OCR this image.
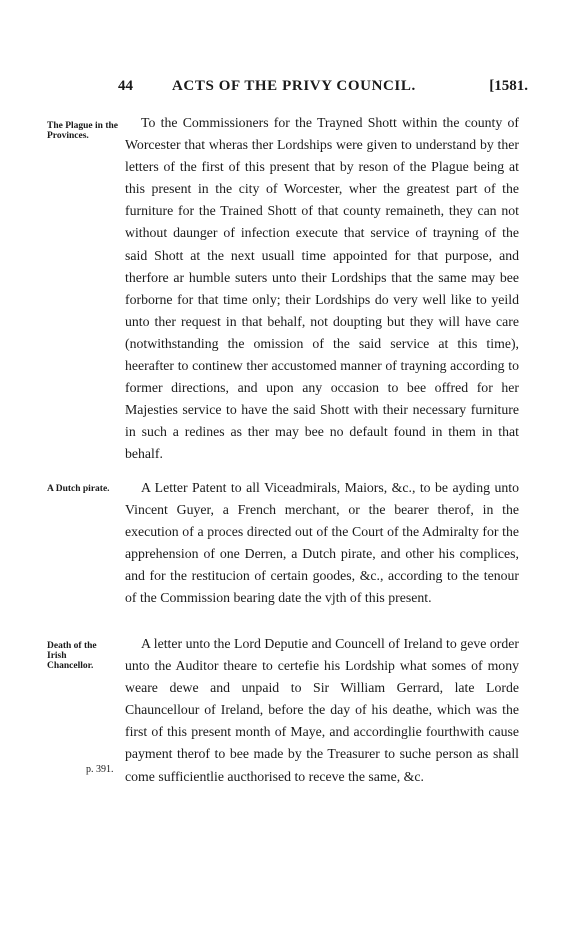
44	ACTS OF THE PRIVY COUNCIL.	[1581.
The Plague in the Provinces.

To the Commissioners for the Trayned Shott within the county of Worcester that wheras ther Lordships were given to understand by ther letters of the first of this present that by reson of the Plague being at this present in the city of Worcester, wher the greatest part of the furniture for the Trained Shott of that county remaineth, they can not without daunger of infection execute that service of trayning of the said Shott at the next usuall time appointed for that purpose, and therfore ar humble suters unto their Lordships that the same may bee forborne for that time only; their Lordships do very well like to yeild unto ther request in that behalf, not doupting but they will have care (notwithstanding the omission of the said service at this time), heerafter to continew ther accustomed manner of trayning according to former directions, and upon any occasion to bee offred for her Majesties service to have the said Shott with their necessary furniture in such a redines as ther may bee no default found in them in that behalf.

A Dutch pirate.	A Letter Patent to all Viceadmirals, Maiors, &c., to be ayding unto Vincent Guyer, a French merchant, or the bearer therof, in the execution of a proces directed out of the Court of the Admiralty for the apprehension of one Derren, a Dutch pirate, and other his complices, and for the restitucion of certain goodes, &c., according to the tenour of the Commission bearing date the vjth of this present.

Death of the Irish Chancellor.

A letter unto the Lord Deputie and Councell of Ireland to geve order unto the Auditor theare to certefie his Lordship what somes of mony weare dewe and unpaid to Sir William Gerrard, late Lorde Chauncellour of Ireland, before the day of his deathe, which was the first of this present month of Maye, and accordinglie fourthwith cause payment therof to bee made by the Treasurer to suche person as shall come sufficientlie aucthorised to receve the same, &c.

p. 391.
